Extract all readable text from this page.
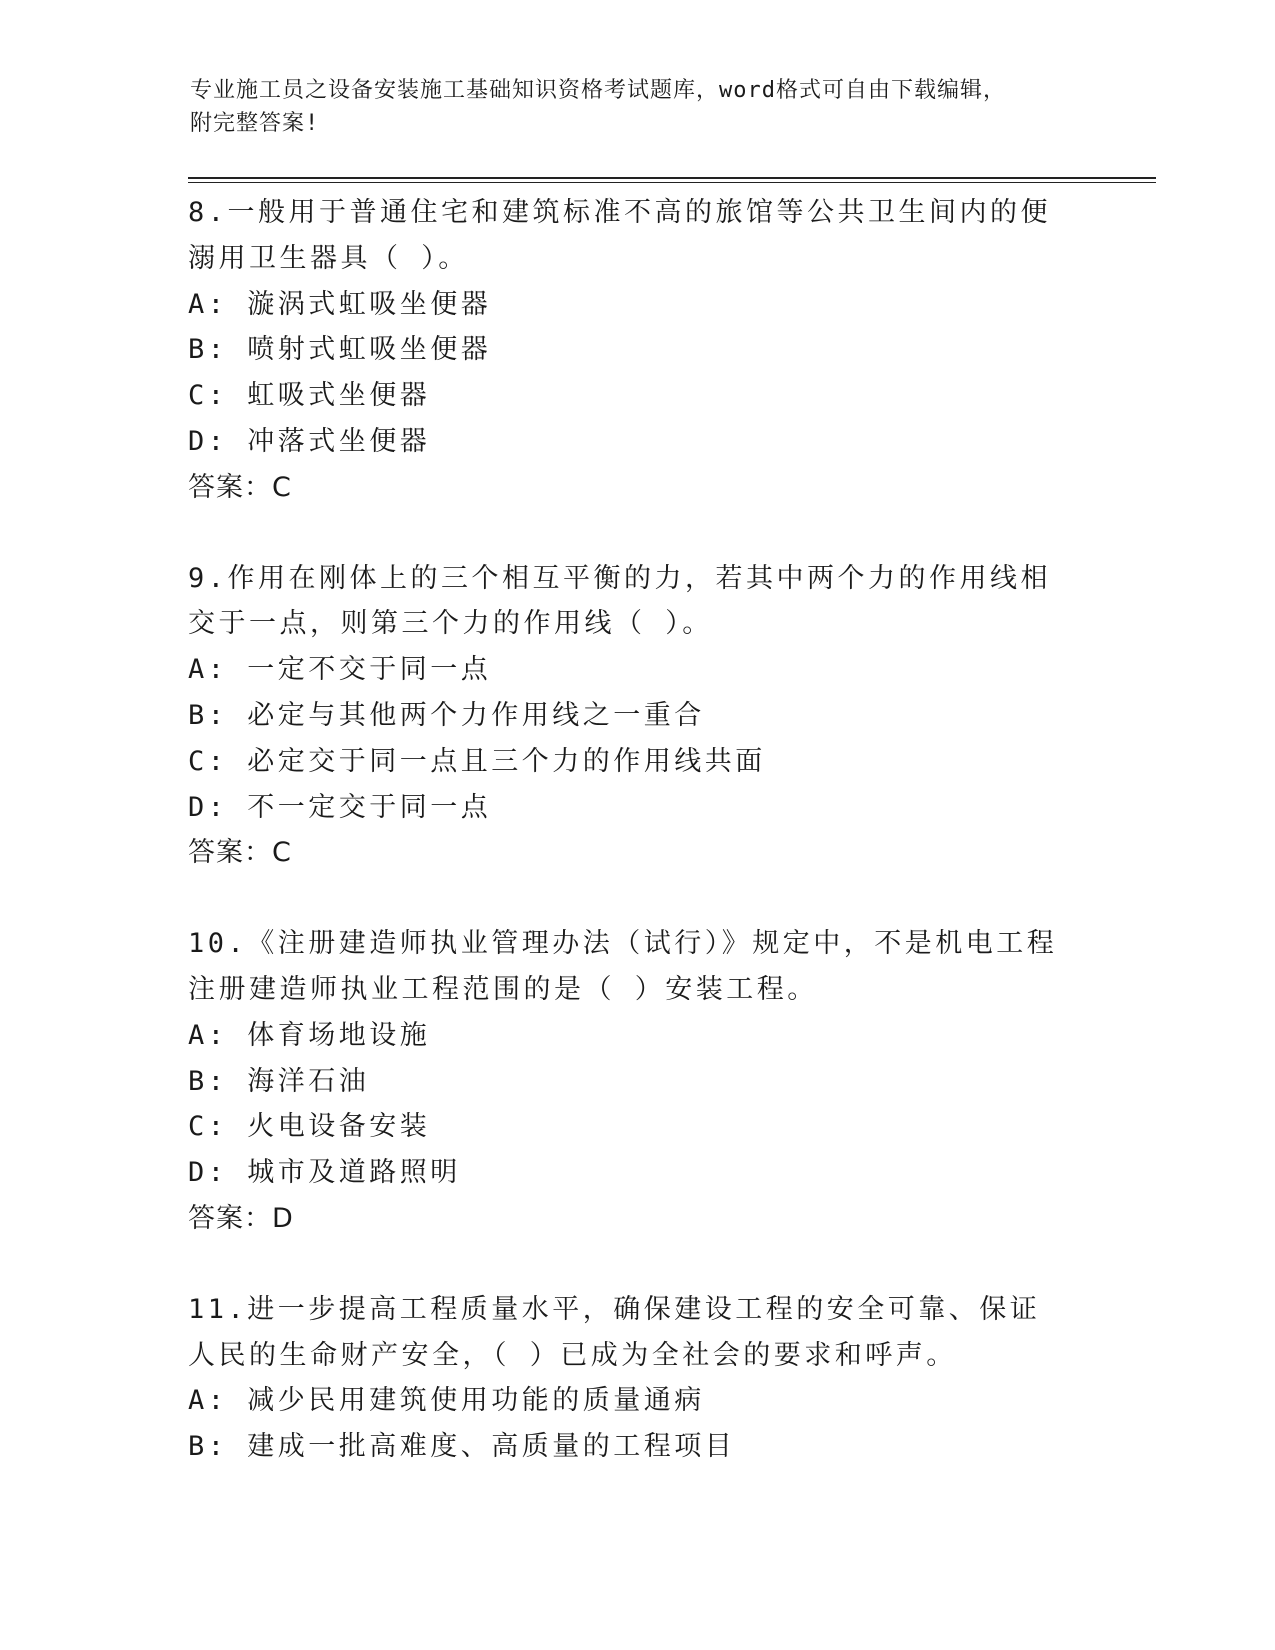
专业施工员之设备安装施工基础知识资格考试题库，word格式可自由下载编辑，
附完整答案!
8.一般用于普通住宅和建筑标准不高的旅馆等公共卫生间内的便溺用卫生器具（ ）。
A: 漩涡式虹吸坐便器
B: 喷射式虹吸坐便器
C: 虹吸式坐便器
D: 冲落式坐便器
答案：C
9.作用在刚体上的三个相互平衡的力，若其中两个力的作用线相交于一点，则第三个力的作用线（ ）。
A: 一定不交于同一点
B: 必定与其他两个力作用线之一重合
C: 必定交于同一点且三个力的作用线共面
D: 不一定交于同一点
答案：C
10.《注册建造师执业管理办法（试行）》规定中，不是机电工程注册建造师执业工程范围的是（ ）安装工程。
A: 体育场地设施
B: 海洋石油
C: 火电设备安装
D: 城市及道路照明
答案：D
11.进一步提高工程质量水平，确保建设工程的安全可靠、保证人民的生命财产安全，（ ）已成为全社会的要求和呼声。
A: 减少民用建筑使用功能的质量通病
B: 建成一批高难度、高质量的工程项目
